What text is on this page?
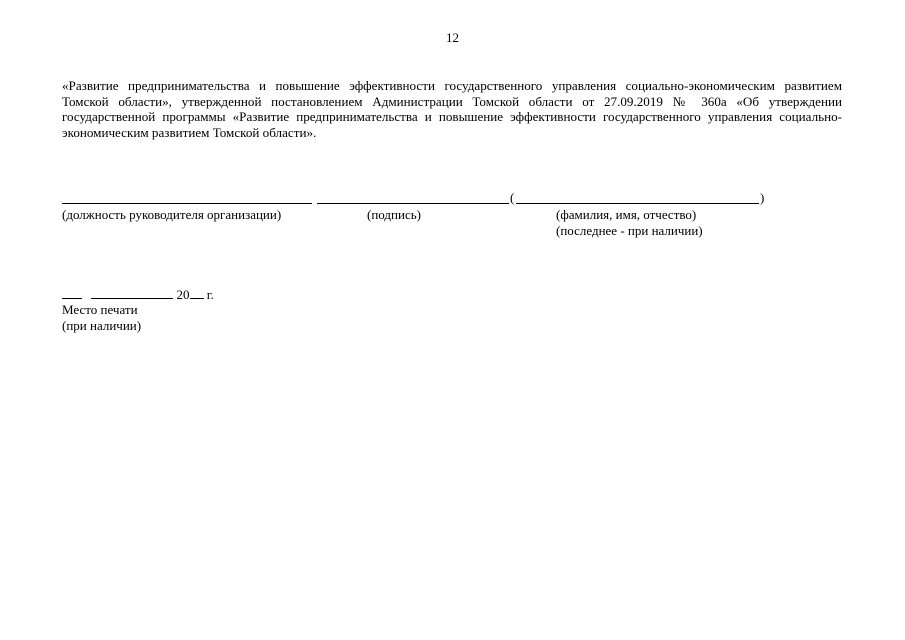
12
«Развитие предпринимательства и повышение эффективности государственного управления социально-экономическим развитием Томской области», утвержденной постановлением Администрации Томской области от 27.09.2019 № 360а «Об утверждении государственной программы «Развитие предпринимательства и повышение эффективности государственного управления социально-экономическим развитием Томской области».
(	)
(должность руководителя организации)	(подпись)	(фамилия, имя, отчество)
(последнее - при наличии)
20 г.
Место печати
(при наличии)
